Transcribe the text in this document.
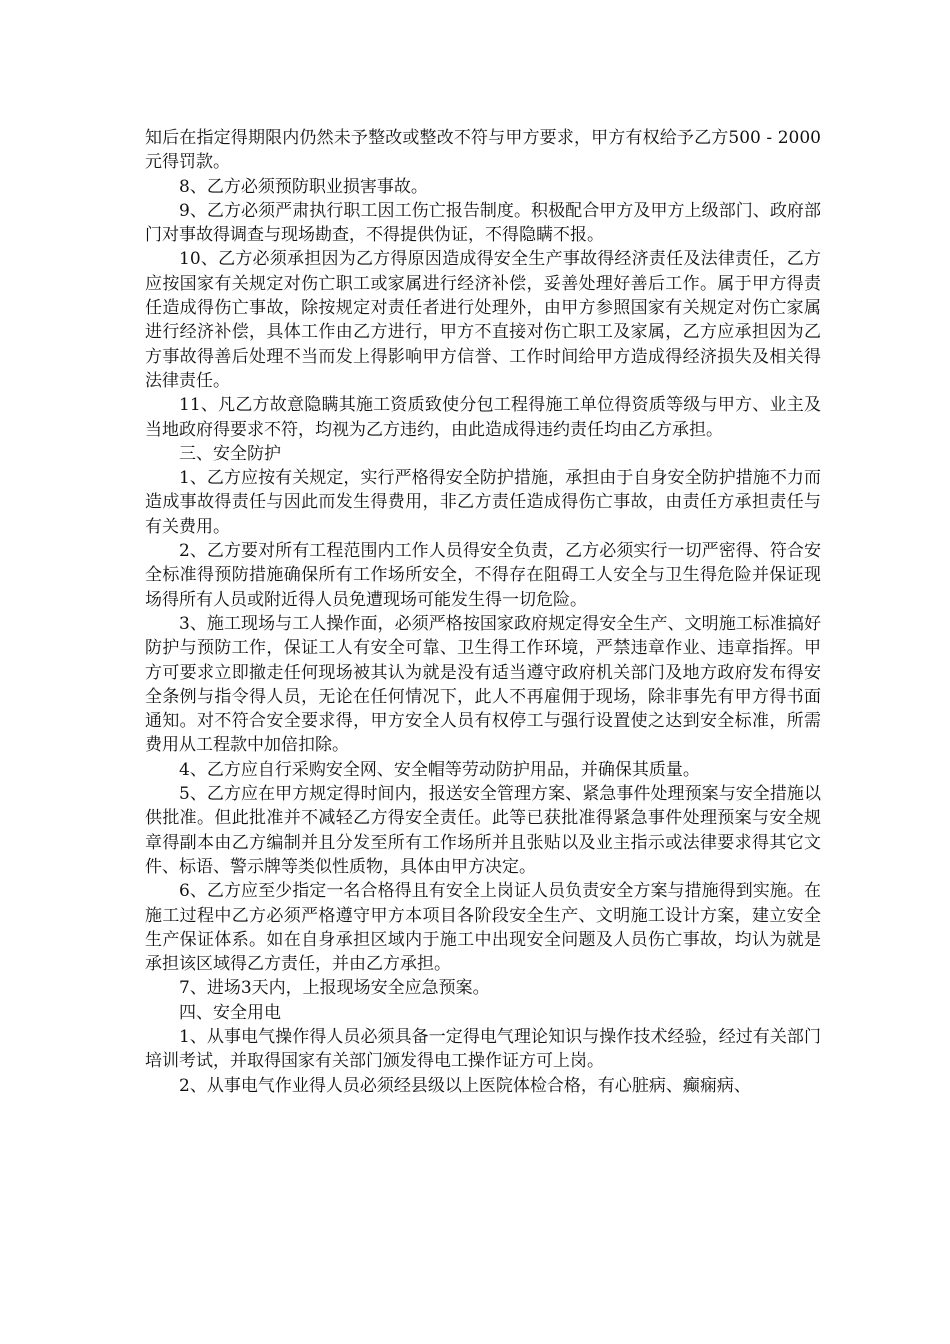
知后在指定得期限内仍然未予整改或整改不符与甲方要求，甲方有权给予乙方500 - 2000元得罚款。

8、乙方必须预防职业损害事故。

9、乙方必须严肃执行职工因工伤亡报告制度。积极配合甲方及甲方上级部门、政府部门对事故得调查与现场勘查，不得提供伪证，不得隐瞒不报。

10、乙方必须承担因为乙方得原因造成得安全生产事故得经济责任及法律责任，乙方应按国家有关规定对伤亡职工或家属进行经济补偿，妥善处理好善后工作。属于甲方得责任造成得伤亡事故，除按规定对责任者进行处理外，由甲方参照国家有关规定对伤亡家属进行经济补偿，具体工作由乙方进行，甲方不直接对伤亡职工及家属，乙方应承担因为乙方事故得善后处理不当而发上得影响甲方信誉、工作时间给甲方造成得经济损失及相关得法律责任。

11、凡乙方故意隐瞒其施工资质致使分包工程得施工单位得资质等级与甲方、业主及当地政府得要求不符，均视为乙方违约，由此造成得违约责任均由乙方承担。

三、安全防护

1、乙方应按有关规定，实行严格得安全防护措施，承担由于自身安全防护措施不力而造成事故得责任与因此而发生得费用，非乙方责任造成得伤亡事故，由责任方承担责任与有关费用。

2、乙方要对所有工程范围内工作人员得安全负责，乙方必须实行一切严密得、符合安全标准得预防措施确保所有工作场所安全，不得存在阻碍工人安全与卫生得危险并保证现场得所有人员或附近得人员免遭现场可能发生得一切危险。

3、施工现场与工人操作面，必须严格按国家政府规定得安全生产、文明施工标准搞好防护与预防工作，保证工人有安全可靠、卫生得工作环境，严禁违章作业、违章指挥。甲方可要求立即撤走任何现场被其认为就是没有适当遵守政府机关部门及地方政府发布得安全条例与指令得人员，无论在任何情况下，此人不再雇佣于现场，除非事先有甲方得书面通知。对不符合安全要求得，甲方安全人员有权停工与强行设置使之达到安全标准，所需费用从工程款中加倍扣除。

4、乙方应自行采购安全网、安全帽等劳动防护用品，并确保其质量。

5、乙方应在甲方规定得时间内，报送安全管理方案、紧急事件处理预案与安全措施以供批准。但此批准并不减轻乙方得安全责任。此等已获批准得紧急事件处理预案与安全规章得副本由乙方编制并且分发至所有工作场所并且张贴以及业主指示或法律要求得其它文件、标语、警示牌等类似性质物，具体由甲方决定。

6、乙方应至少指定一名合格得且有安全上岗证人员负责安全方案与措施得到实施。在施工过程中乙方必须严格遵守甲方本项目各阶段安全生产、文明施工设计方案，建立安全生产保证体系。如在自身承担区域内于施工中出现安全问题及人员伤亡事故，均认为就是承担该区域得乙方责任，并由乙方承担。

7、进场3天内，上报现场安全应急预案。

四、安全用电

1、从事电气操作得人员必须具备一定得电气理论知识与操作技术经验，经过有关部门培训考试，并取得国家有关部门颁发得电工操作证方可上岗。

2、从事电气作业得人员必须经县级以上医院体检合格，有心脏病、癫痫病、
